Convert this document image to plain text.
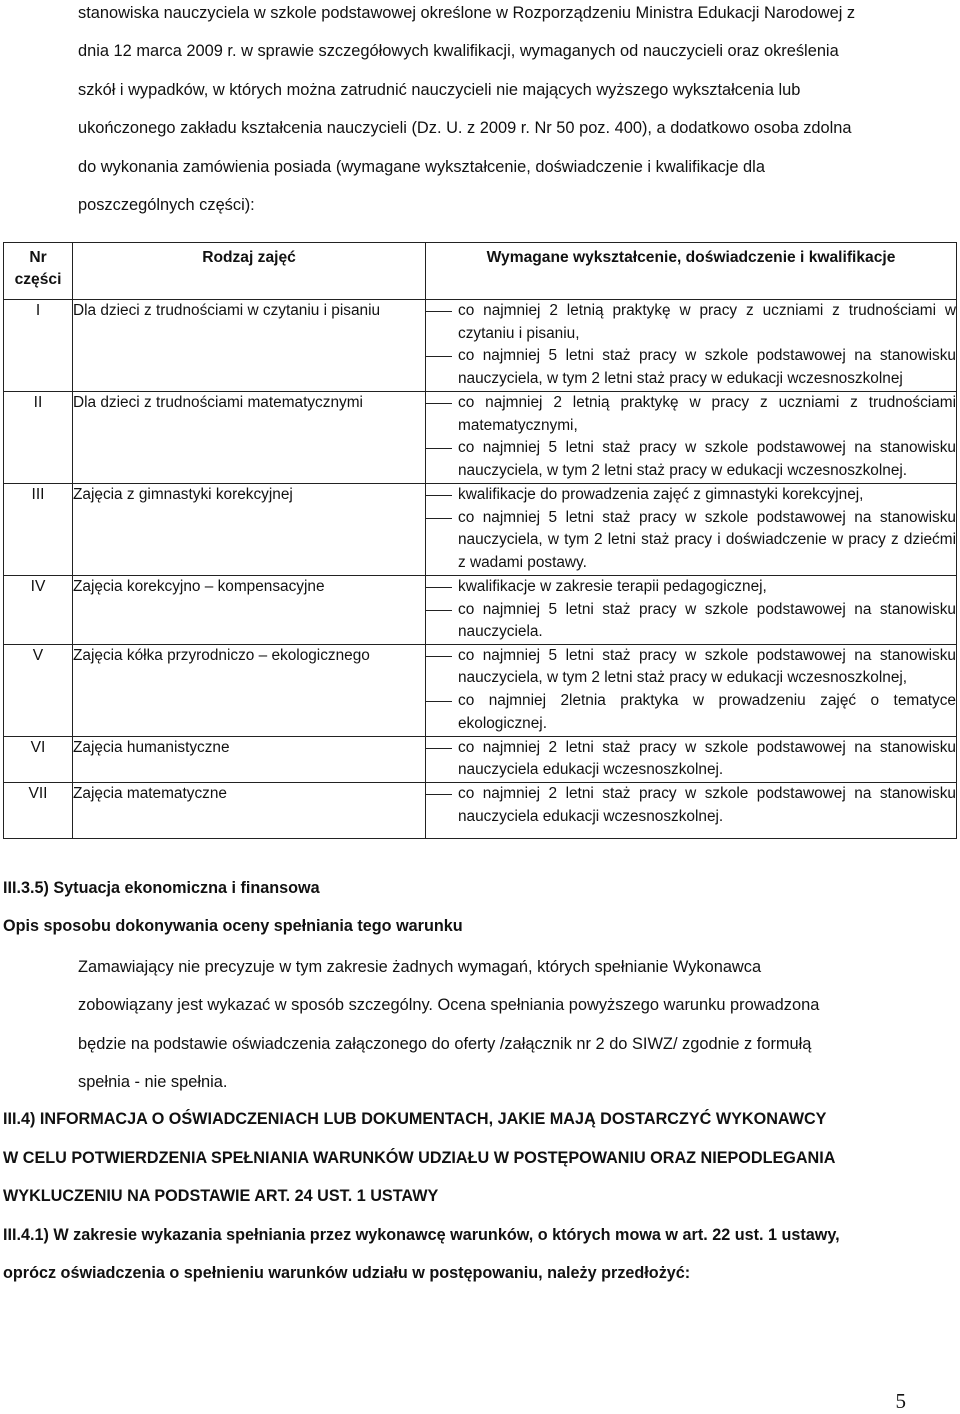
stanowiska nauczyciela w szkole podstawowej określone w Rozporządzeniu Ministra Edukacji Narodowej z
dnia 12 marca 2009 r. w sprawie szczegółowych kwalifikacji, wymaganych od nauczycieli oraz określenia
szkół i wypadków, w których można zatrudnić nauczycieli nie mających wyższego wykształcenia lub
ukończonego zakładu kształcenia nauczycieli (Dz. U. z 2009 r. Nr 50 poz. 400), a dodatkowo osoba zdolna
do wykonania zamówienia posiada (wymagane wykształcenie, doświadczenie i kwalifikacje dla
poszczególnych części):
Nr części	Rodzaj zajęć	Wymagane wykształcenie, doświadczenie i kwalifikacje
I	Dla dzieci z trudnościami w czytaniu i pisaniu	co najmniej 2 letnią praktykę w pracy z uczniami z trudnościami w czytaniu i pisaniu,
co najmniej 5 letni staż pracy w szkole podstawowej na stanowisku nauczyciela, w tym 2 letni staż pracy w edukacji wczesnoszkolnej

II	Dla dzieci z trudnościami matematycznymi	co najmniej 2 letnią praktykę w pracy z uczniami z trudnościami matematycznymi,
co najmniej 5 letni staż pracy w szkole podstawowej na stanowisku nauczyciela, w tym 2 letni staż pracy w edukacji wczesnoszkolnej.

III	Zajęcia z gimnastyki korekcyjnej	kwalifikacje do prowadzenia zajęć z gimnastyki korekcyjnej,
co najmniej 5 letni staż pracy w szkole podstawowej na stanowisku nauczyciela, w tym 2 letni staż pracy i doświadczenie w pracy z dziećmi z wadami postawy.

IV	Zajęcia korekcyjno – kompensacyjne	kwalifikacje w zakresie terapii pedagogicznej,
co najmniej 5 letni staż pracy w szkole podstawowej na stanowisku nauczyciela.

V	Zajęcia kółka przyrodniczo – ekologicznego	co najmniej 5 letni staż pracy w szkole podstawowej na stanowisku nauczyciela, w tym 2 letni staż pracy w edukacji wczesnoszkolnej,
co najmniej 2letnia praktyka w prowadzeniu zajęć o tematyce ekologicznej.

VI	Zajęcia humanistyczne	co najmniej 2 letni staż pracy w szkole podstawowej na stanowisku nauczyciela edukacji wczesnoszkolnej.

VII	Zajęcia matematyczne	co najmniej 2 letni staż pracy w szkole podstawowej na stanowisku nauczyciela edukacji wczesnoszkolnej.
III.3.5) Sytuacja ekonomiczna i finansowa
Opis sposobu dokonywania oceny spełniania tego warunku
Zamawiający nie precyzuje w tym zakresie żadnych wymagań, których spełnianie Wykonawca
zobowiązany jest wykazać w sposób szczególny. Ocena spełniania powyższego warunku prowadzona
będzie na podstawie oświadczenia załączonego do oferty /załącznik nr 2 do SIWZ/ zgodnie z formułą
spełnia - nie spełnia.
III.4) INFORMACJA O OŚWIADCZENIACH LUB DOKUMENTACH, JAKIE MAJĄ DOSTARCZYĆ WYKONAWCY
W CELU POTWIERDZENIA SPEŁNIANIA WARUNKÓW UDZIAŁU W POSTĘPOWANIU ORAZ NIEPODLEGANIA
WYKLUCZENIU NA PODSTAWIE ART. 24 UST. 1 USTAWY
III.4.1) W zakresie wykazania spełniania przez wykonawcę warunków, o których mowa w art. 22 ust. 1 ustawy,
oprócz oświadczenia o spełnieniu warunków udziału w postępowaniu, należy przedłożyć:
5
